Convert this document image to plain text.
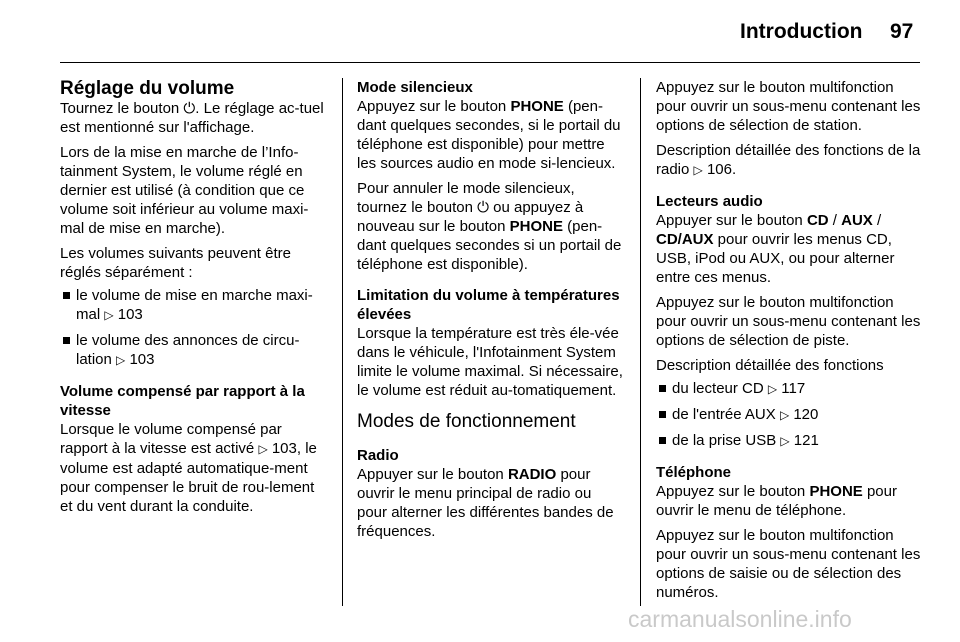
Introduction 97
Réglage du volume

Tournez le bouton ⏻. Le réglage ac-tuel est mentionné sur l'affichage.

Lors de la mise en marche de l’Info-tainment System, le volume réglé en dernier est utilisé (à condition que ce volume soit inférieur au volume maxi-mal de mise en marche).

Les volumes suivants peuvent être réglés séparément :

le volume de mise en marche maxi-mal ▷ 103
le volume des annonces de circu-lation ▷ 103
Volume compensé par rapport à la vitesse

Lorsque le volume compensé par rapport à la vitesse est activé ▷ 103, le volume est adapté automatique-ment pour compenser le bruit de rou-lement et du vent durant la conduite.

Mode silencieux

Appuyez sur le bouton PHONE (pen-dant quelques secondes, si le portail du téléphone est disponible) pour mettre les sources audio en mode si-lencieux.

Pour annuler le mode silencieux, tournez le bouton ⏻ ou appuyez à nouveau sur le bouton PHONE (pen-dant quelques secondes si un portail de téléphone est disponible).

Limitation du volume à températures élevées

Lorsque la température est très éle-vée dans le véhicule, l'Infotainment System limite le volume maximal. Si nécessaire, le volume est réduit au-tomatiquement.

Modes de fonctionnement
Radio

Appuyer sur le bouton RADIO pour ouvrir le menu principal de radio ou pour alterner les différentes bandes de fréquences.

Appuyez sur le bouton multifonction pour ouvrir un sous-menu contenant les options de sélection de station.

Description détaillée des fonctions de la radio ▷ 106.

Lecteurs audio

Appuyer sur le bouton CD / AUX / CD/AUX pour ouvrir les menus CD, USB, iPod ou AUX, ou pour alterner entre ces menus.

Appuyez sur le bouton multifonction pour ouvrir un sous-menu contenant les options de sélection de piste.

Description détaillée des fonctions

du lecteur CD ▷ 117
de l'entrée AUX ▷ 120
de la prise USB ▷ 121
Téléphone

Appuyez sur le bouton PHONE pour ouvrir le menu de téléphone.

Appuyez sur le bouton multifonction pour ouvrir un sous-menu contenant les options de saisie ou de sélection des numéros.

carmanualsonline.info
